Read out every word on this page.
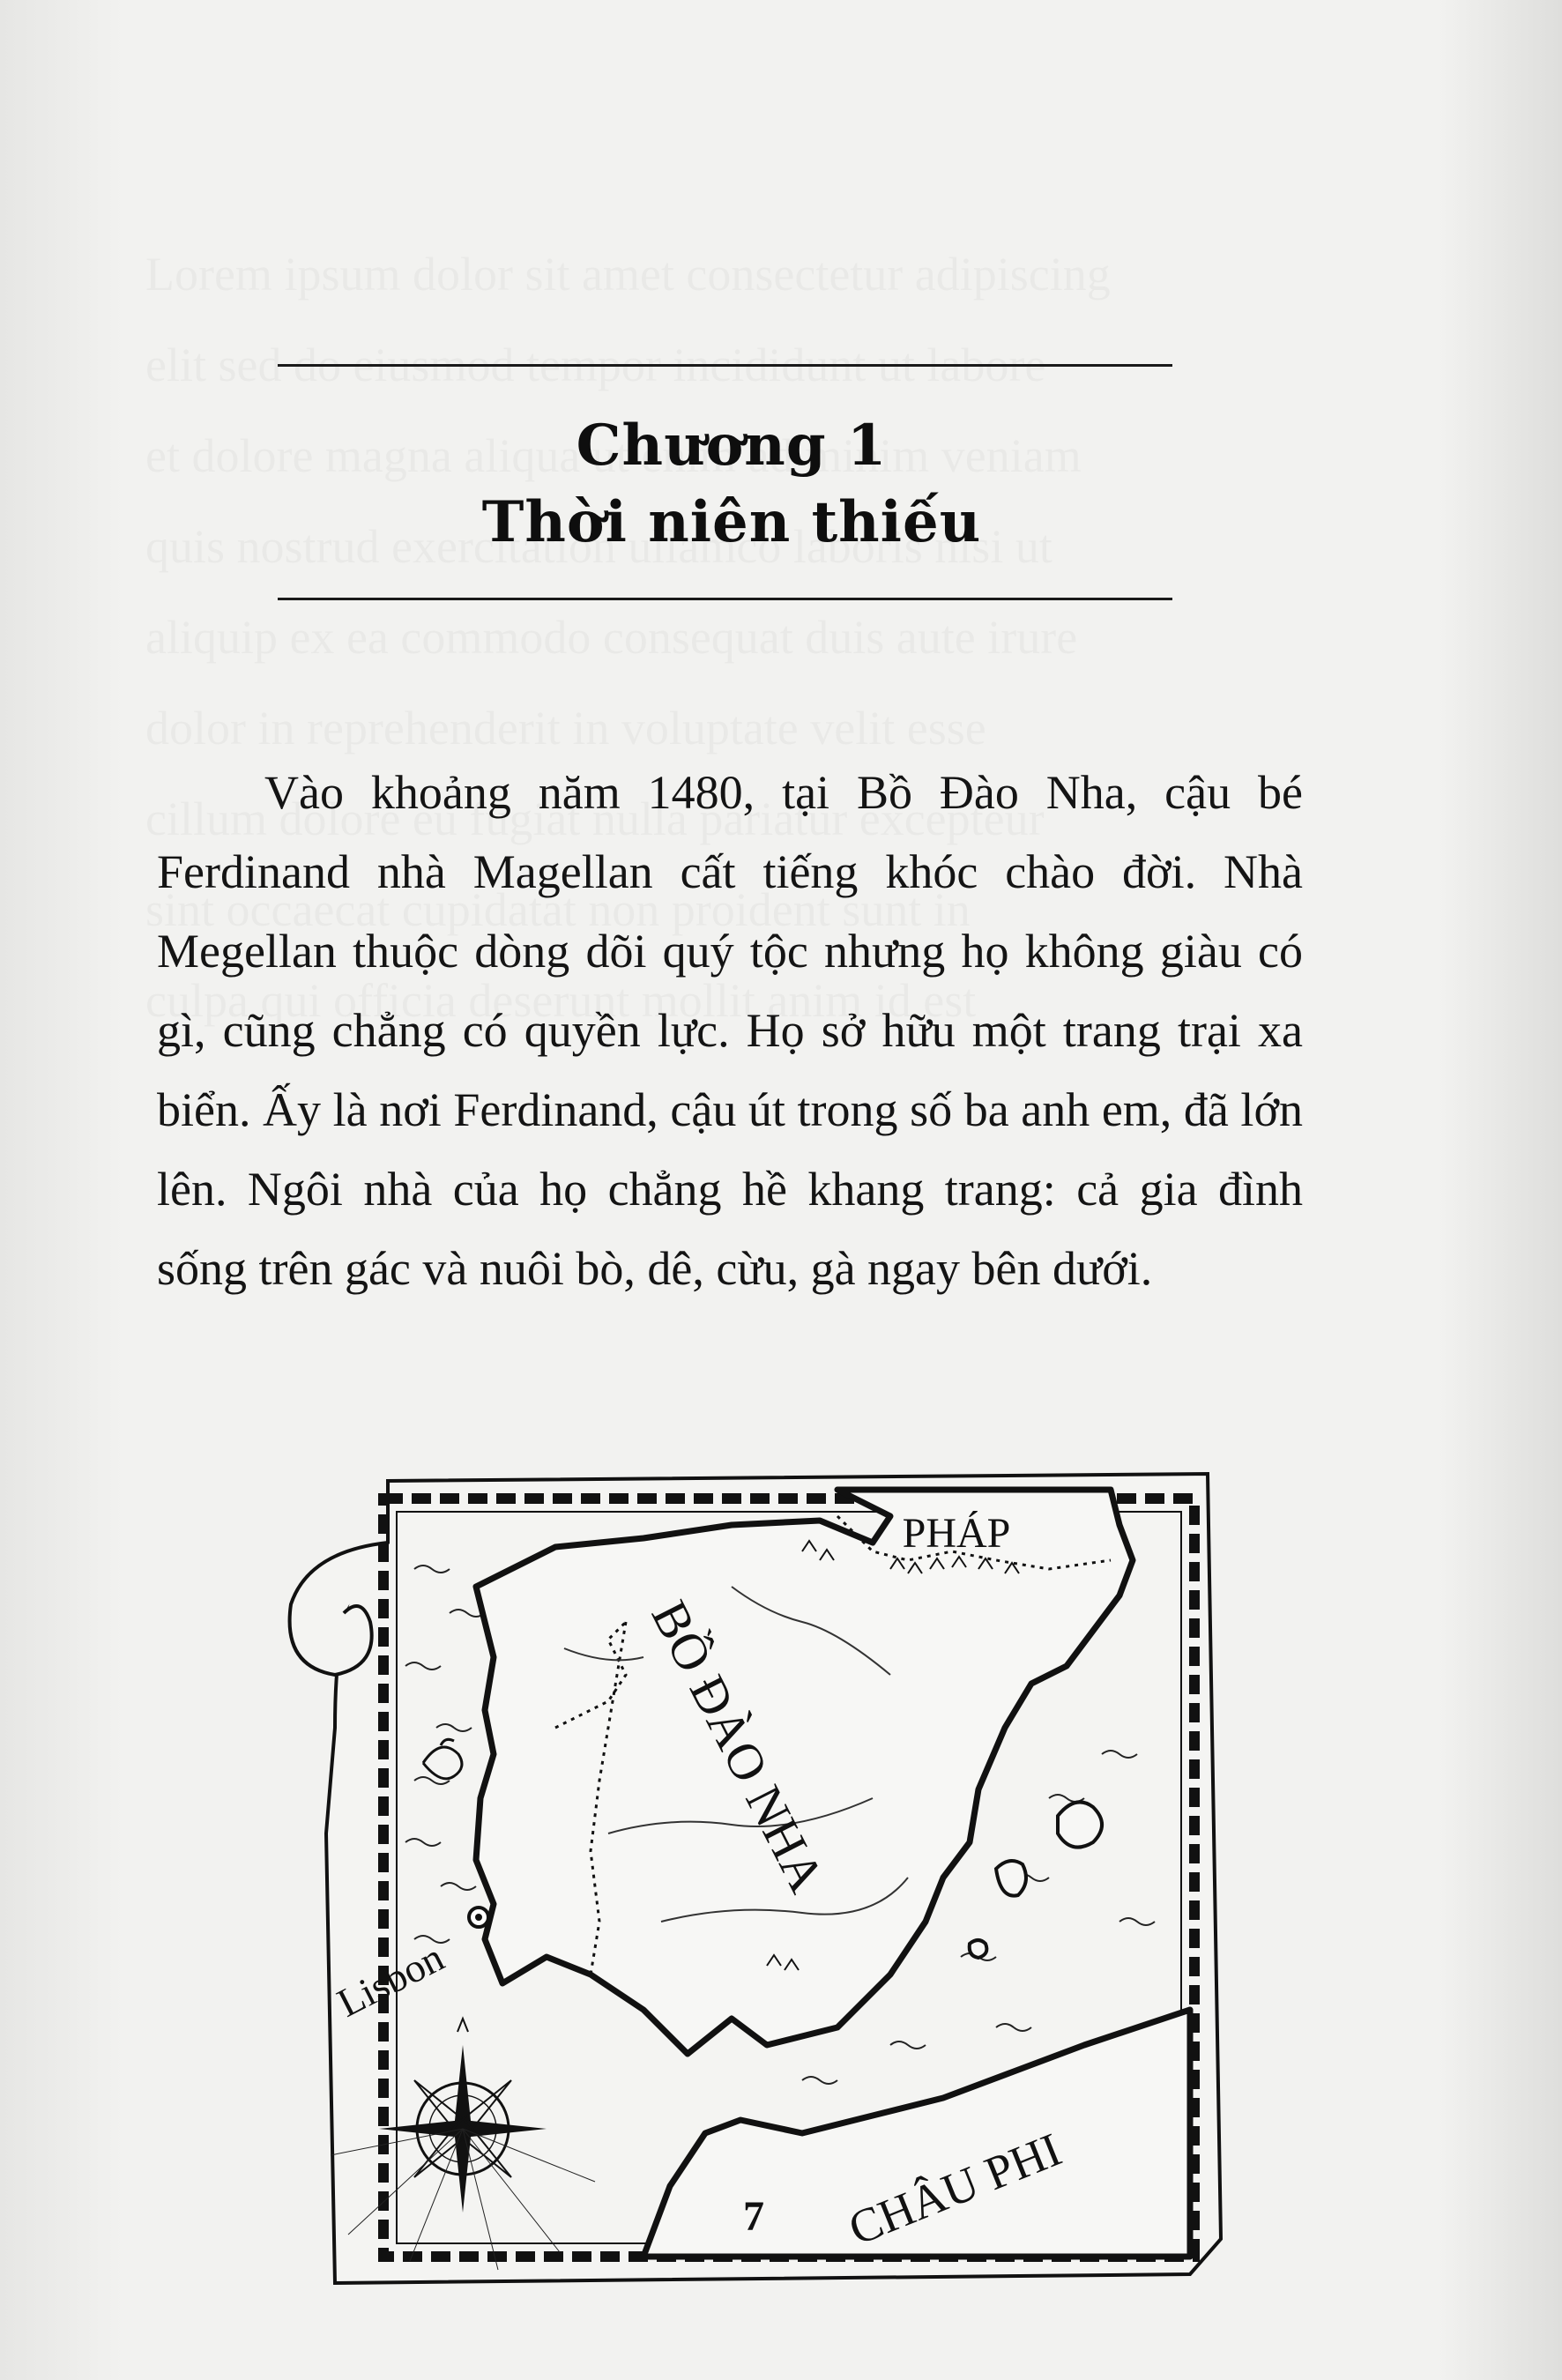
Chương 1
Thời niên thiếu

Vào khoảng năm 1480, tại Bồ Đào Nha, cậu bé Ferdinand nhà Magellan cất tiếng khóc chào đời. Nhà Megellan thuộc dòng dõi quý tộc nhưng họ không giàu có gì, cũng chẳng có quyền lực. Họ sở hữu một trang trại xa biển. Ấy là nơi Ferdinand, cậu út trong số ba anh em, đã lớn lên. Ngôi nhà của họ chẳng hề khang trang: cả gia đình sống trên gác và nuôi bò, dê, cừu, gà ngay bên dưới.

PHÁP
BỒ ĐÀO NHA
Lisbon
CHÂU PHI
7
